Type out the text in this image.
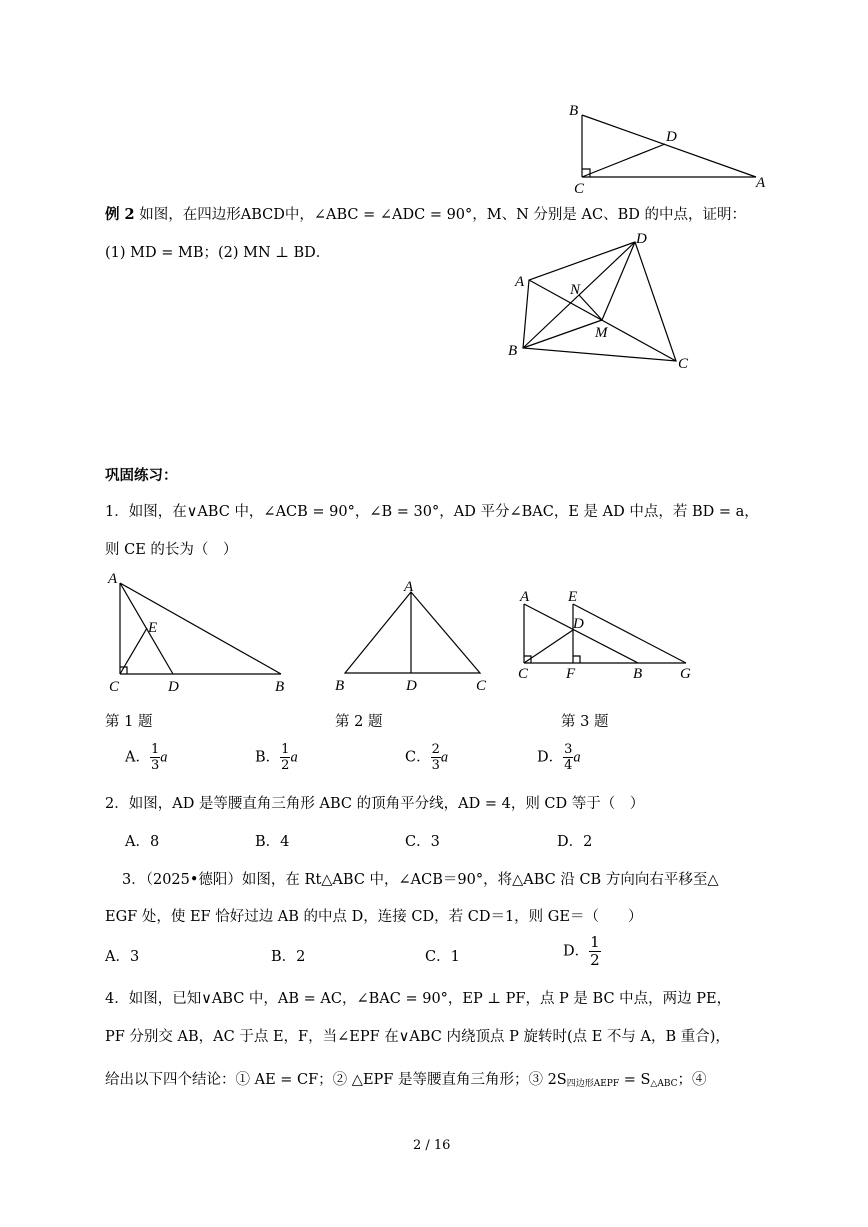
B
D
C	A
例 2 如图，在四边形ABCD中，∠ABC = ∠ADC = 90°，M、N 分别是 AC、BD 的中点，证明：
(1) MD = MB；(2) MN ⊥ BD．
D
A	N
M
B
C
巩固练习：
1．如图，在∨ABC 中，∠ACB = 90°，∠B = 30°，AD 平分∠BAC，E 是 AD 中点，若 BD = a，
则 CE 的长为（　）
A
E
C	D	B
第 1 题
A
B	D	C
第 2 题
A	E
D
C	F	B	G
第 3 题
A． $\frac{1}{3}$ a	B． $\frac{1}{2}$ a	C． $\frac{2}{3}$ a	D． $\frac{3}{4}$ a
2．如图，AD 是等腰直角三角形 ABC 的顶角平分线，AD = 4，则 CD 等于（　）
A．8	B．4	C．3	D．2
3．（2025•德阳）如图，在 Rt△ABC 中，∠ACB＝90°，将△ABC 沿 CB 方向向右平移至△
EGF 处，使 EF 恰好过边 AB 的中点 D，连接 CD，若 CD＝1，则 GE＝（　　）
A．3	B．2	C．1	D． $\frac{1}{2}$
4．如图，已知∨ABC 中，AB = AC，∠BAC = 90°，EP ⊥ PF，点 P 是 BC 中点，两边 PE，
PF 分别交 AB，AC 于点 E，F，当∠EPF 在∨ABC 内绕顶点 P 旋转时(点 E 不与 A，B 重合)，
给出以下四个结论：① AE = CF；② △EPF 是等腰直角三角形；③ $2S_{四边形AEPF} = S_{\triangle ABC}$；④
2 / 16
